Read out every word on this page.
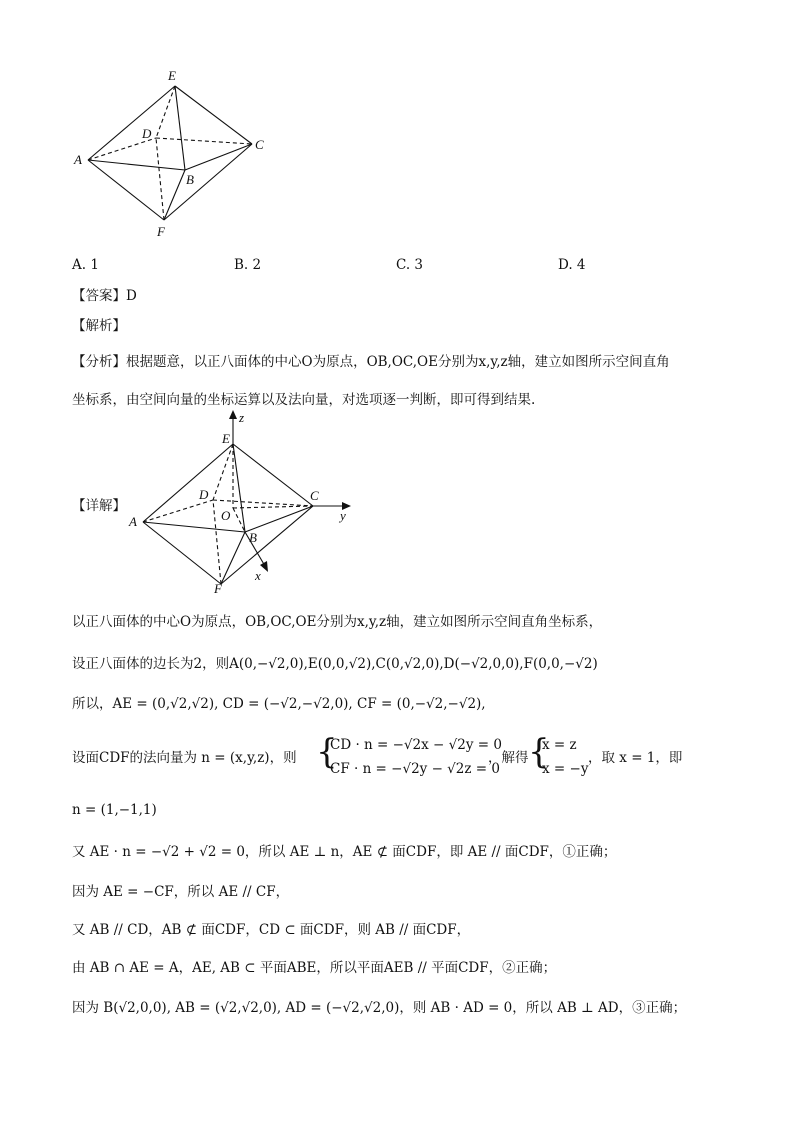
E
D
C
A
B
F
A. 1	B. 2	C. 3	D. 4
【答案】D
【解析】
【分析】根据题意，以正八面体的中心O为原点，OB,OC,OE分别为x,y,z轴，建立如图所示空间直角
坐标系，由空间向量的坐标运算以及法向量，对选项逐一判断，即可得到结果.
【详解】
z
E
D	C
y
O
A
B
F
x
以正八面体的中心O为原点，OB,OC,OE分别为x,y,z轴，建立如图所示空间直角坐标系，
设正八面体的边长为2，则A(0,−√2,0),E(0,0,√2),C(0,√2,0),D(−√2,0,0),F(0,0,−√2)
所以，AE = (0,√2,√2), CD = (−√2,−√2,0), CF = (0,−√2,−√2),
设面CDF的法向量为 n = (x,y,z)，则 {
CD · n = −√2x − √2y = 0
CF · n = −√2y − √2z = 0
，解得 {
x = z
x = −y
，取 x = 1，即
n = (1,−1,1)
又 AE · n = −√2 + √2 = 0，所以 AE ⊥ n，AE ⊄ 面CDF，即 AE // 面CDF，①正确；
因为 AE = −CF，所以 AE // CF，
又 AB // CD，AB ⊄ 面CDF，CD ⊂ 面CDF，则 AB // 面CDF，
由 AB ∩ AE = A，AE, AB ⊂ 平面ABE，所以平面AEB // 平面CDF，②正确；
因为 B(√2,0,0), AB = (√2,√2,0), AD = (−√2,√2,0)，则 AB · AD = 0，所以 AB ⊥ AD，③正确；
